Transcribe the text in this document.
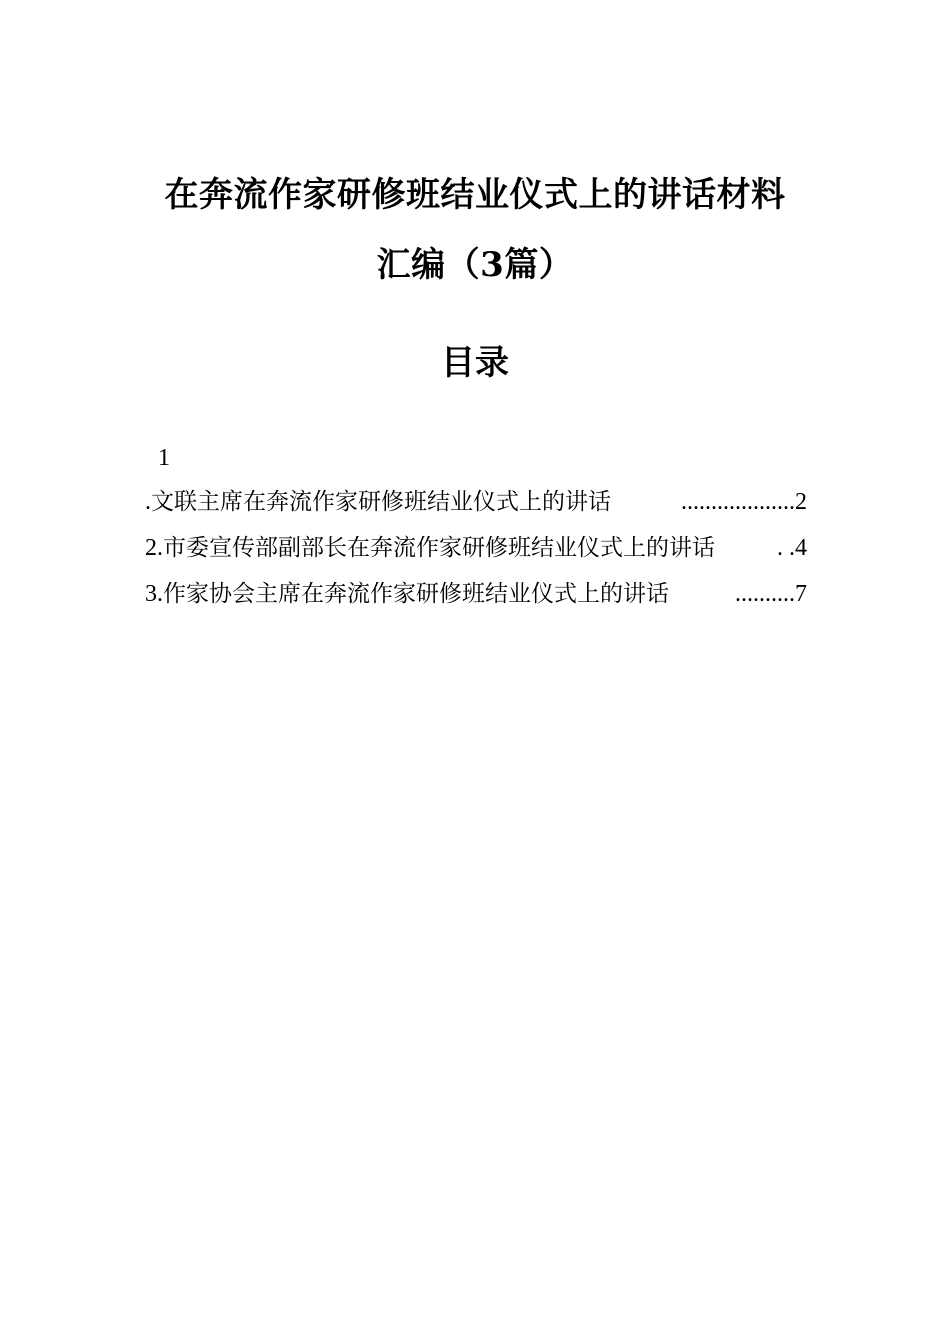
在奔流作家研修班结业仪式上的讲话材料
汇编（3篇）
目录
1
. 文联主席在奔流作家研修班结业仪式上的讲话	................... 2
2. 市委宣传部副部长在奔流作家研修班结业仪式上的讲话	. . 4
3. 作家协会主席在奔流作家研修班结业仪式上的讲话	.......... 7
